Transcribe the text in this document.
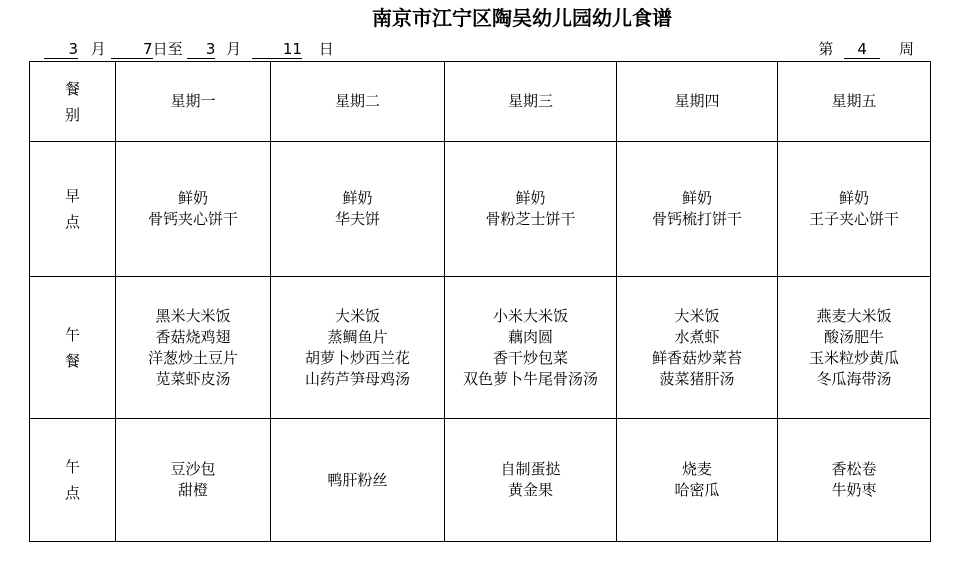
南京市江宁区陶吴幼儿园幼儿食谱
3 月 7日至 3 月	11 日	第 4 周
餐
别	星期一	星期二	星期三	星期四	星期五

早
点	鲜奶
骨钙夹心饼干	鲜奶
华夫饼	鲜奶
骨粉芝士饼干	鲜奶
骨钙梳打饼干	鲜奶
王子夹心饼干

午
餐	黑米大米饭
香菇烧鸡翅
洋葱炒土豆片
苋菜虾皮汤	大米饭
蒸鲷鱼片
胡萝卜炒西兰花
山药芦笋母鸡汤	小米大米饭
藕肉圆
香干炒包菜
双色萝卜牛尾骨汤汤	大米饭
水煮虾
鲜香菇炒菜苔
菠菜猪肝汤	燕麦大米饭
酸汤肥牛
玉米粒炒黄瓜
冬瓜海带汤

午
点	豆沙包
甜橙	鸭肝粉丝	自制蛋挞
黄金果	烧麦
哈密瓜	香松卷
牛奶枣
